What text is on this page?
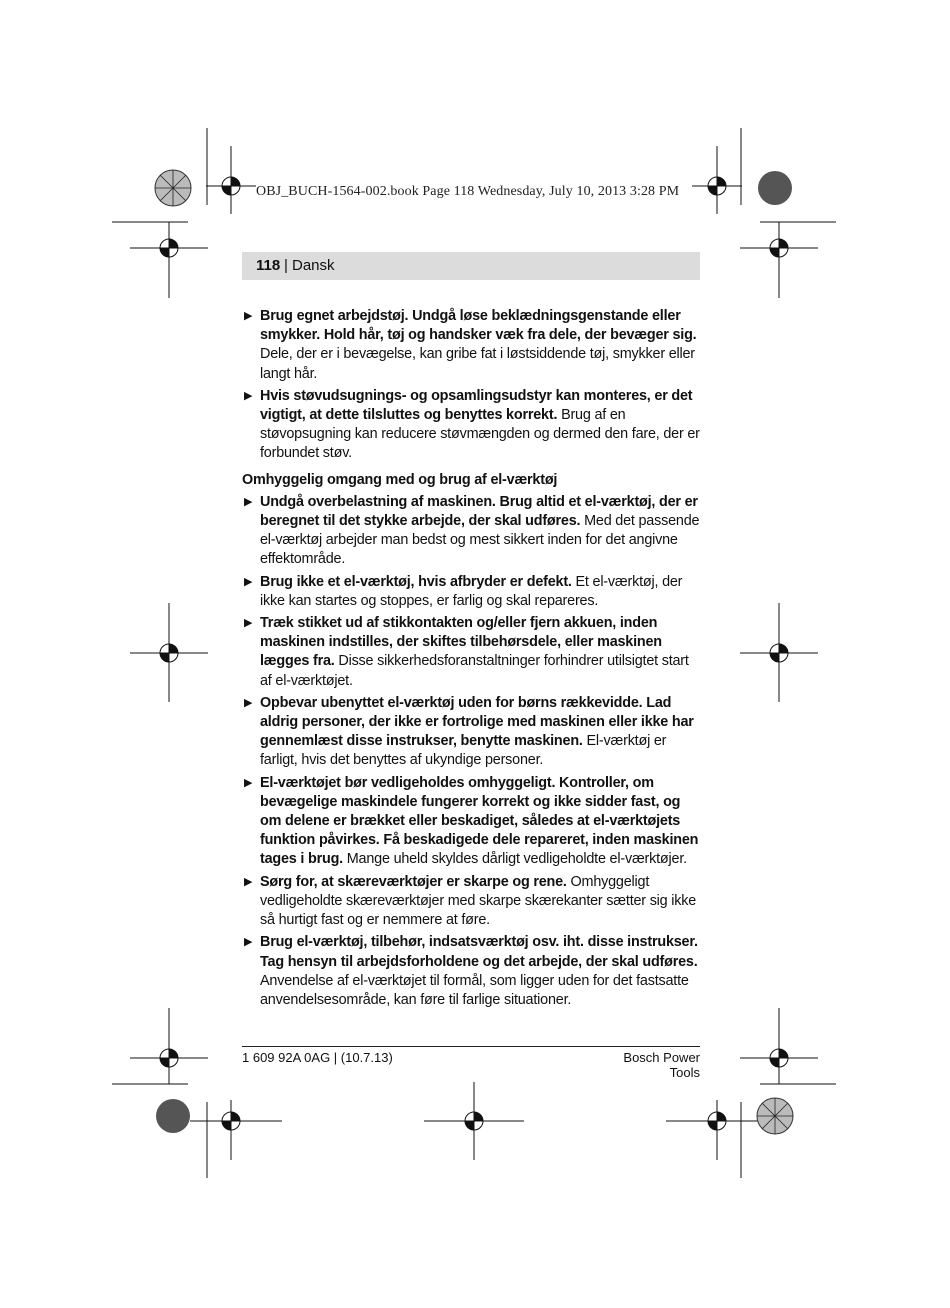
OBJ_BUCH-1564-002.book Page 118 Wednesday, July 10, 2013 3:28 PM
118 | Dansk
▶ Brug egnet arbejdstøj. Undgå løse beklædningsgenstande eller smykker. Hold hår, tøj og handsker væk fra dele, der bevæger sig. Dele, der er i bevægelse, kan gribe fat i løstsiddende tøj, smykker eller langt hår.
▶ Hvis støvudsugnings- og opsamlingsudstyr kan monteres, er det vigtigt, at dette tilsluttes og benyttes korrekt. Brug af en støvopsugning kan reducere støvmængden og dermed den fare, der er forbundet støv.
Omhyggelig omgang med og brug af el-værktøj
▶ Undgå overbelastning af maskinen. Brug altid et el-værktøj, der er beregnet til det stykke arbejde, der skal udføres. Med det passende el-værktøj arbejder man bedst og mest sikkert inden for det angivne effektområde.
▶ Brug ikke et el-værktøj, hvis afbryder er defekt. Et el-værktøj, der ikke kan startes og stoppes, er farlig og skal repareres.
▶ Træk stikket ud af stikkontakten og/eller fjern akkuen, inden maskinen indstilles, der skiftes tilbehørsdele, eller maskinen lægges fra. Disse sikkerhedsforanstaltninger forhindrer utilsigtet start af el-værktøjet.
▶ Opbevar ubenyttet el-værktøj uden for børns rækkevidde. Lad aldrig personer, der ikke er fortrolige med maskinen eller ikke har gennemlæst disse instrukser, benytte maskinen. El-værktøj er farligt, hvis det benyttes af ukyndige personer.
▶ El-værktøjet bør vedligeholdes omhyggeligt. Kontroller, om bevægelige maskindele fungerer korrekt og ikke sidder fast, og om delene er brækket eller beskadiget, således at el-værktøjets funktion påvirkes. Få beskadigede dele repareret, inden maskinen tages i brug. Mange uheld skyldes dårligt vedligeholdte el-værktøjer.
▶ Sørg for, at skæreværktøjer er skarpe og rene. Omhyggeligt vedligeholdte skæreværktøjer med skarpe skærekanter sætter sig ikke så hurtigt fast og er nemmere at føre.
▶ Brug el-værktøj, tilbehør, indsatsværktøj osv. iht. disse instrukser. Tag hensyn til arbejdsforholdene og det arbejde, der skal udføres. Anvendelse af el-værktøjet til formål, som ligger uden for det fastsatte anvendelsesområde, kan føre til farlige situationer.
1 609 92A 0AG | (10.7.13)	Bosch Power Tools
